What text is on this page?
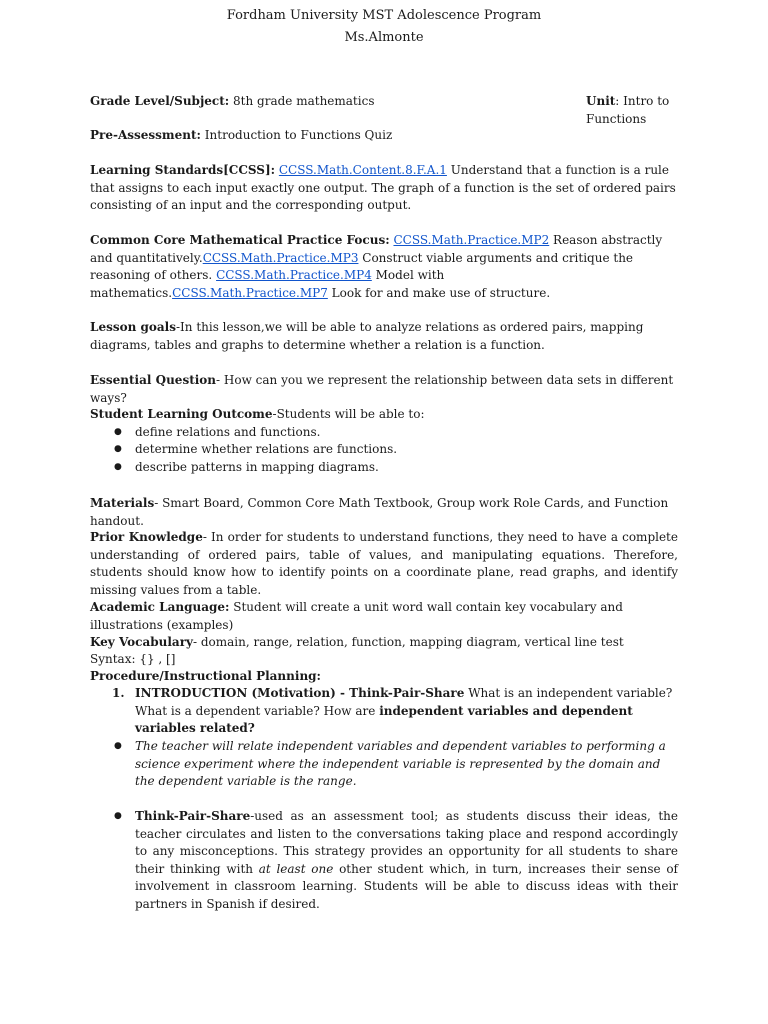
Fordham University MST Adolescence Program
Ms.Almonte
Grade Level/Subject: 8th grade mathematics	Unit: Intro to Functions
Pre-Assessment: Introduction to Functions Quiz
Learning Standards[CCSS]: CCSS.Math.Content.8.F.A.1 Understand that a function is a rule that assigns to each input exactly one output. The graph of a function is the set of ordered pairs consisting of an input and the corresponding output.
Common Core Mathematical Practice Focus: CCSS.Math.Practice.MP2 Reason abstractly and quantitatively.CCSS.Math.Practice.MP3 Construct viable arguments and critique the reasoning of others. CCSS.Math.Practice.MP4 Model with mathematics.CCSS.Math.Practice.MP7 Look for and make use of structure.
Lesson goals-In this lesson,we will be able to analyze relations as ordered pairs, mapping diagrams, tables and graphs to determine whether a relation is a function.
Essential Question- How can you we represent the relationship between data sets in different ways?
Student Learning Outcome-Students will be able to:
● define relations and functions.
● determine whether relations are functions.
● describe patterns in mapping diagrams.
Materials- Smart Board, Common Core Math Textbook, Group work Role Cards, and Function handout.
Prior Knowledge- In order for students to understand functions, they need to have a complete understanding of ordered pairs, table of values, and manipulating equations. Therefore, students should know how to identify points on a coordinate plane, read graphs, and identify missing values from a table.
Academic Language: Student will create a unit word wall contain key vocabulary and illustrations (examples)
Key Vocabulary- domain, range, relation, function, mapping diagram, vertical line test
Syntax: {} , []
Procedure/Instructional Planning:
1. INTRODUCTION (Motivation) - Think-Pair-Share What is an independent variable? What is a dependent variable? How are independent variables and dependent variables related?
● The teacher will relate independent variables and dependent variables to performing a science experiment where the independent variable is represented by the domain and the dependent variable is the range.
● Think-Pair-Share-used as an assessment tool; as students discuss their ideas, the teacher circulates and listen to the conversations taking place and respond accordingly to any misconceptions. This strategy provides an opportunity for all students to share their thinking with at least one other student which, in turn, increases their sense of involvement in classroom learning. Students will be able to discuss ideas with their partners in Spanish if desired.
